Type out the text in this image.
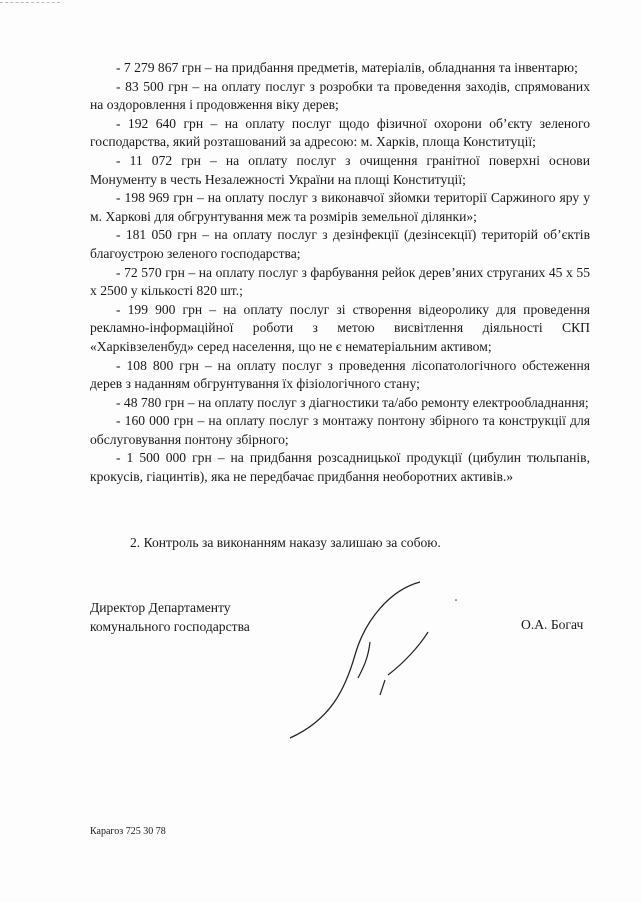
- 7 279 867 грн – на придбання предметів, матеріалів, обладнання та інвентарю;

- 83 500 грн – на оплату послуг з розробки та проведення заходів, спрямованих на оздоровлення і продовження віку дерев;

- 192 640 грн – на оплату послуг щодо фізичної охорони об’єкту зеленого господарства, який розташований за адресою: м. Харків, площа Конституції;

- 11 072 грн – на оплату послуг з очищення гранітної поверхні основи Монументу в честь Незалежності України на площі Конституції;

- 198 969 грн – на оплату послуг з виконавчої зйомки території Саржиного яру у м. Харкові для обгрунтування меж та розмірів земельної ділянки»;

- 181 050 грн – на оплату послуг з дезінфекції (дезінсекції) територій об’єктів благоустрою зеленого господарства;

- 72 570 грн – на оплату послуг з фарбування рейок дерев’яних струганих 45 х 55 х 2500 у кількості 820 шт.;

- 199 900 грн – на оплату послуг зі створення відеоролику для проведення рекламно-інформаційної роботи з метою висвітлення діяльності СКП «Харківзеленбуд» серед населення, що не є нематеріальним активом;

- 108 800 грн – на оплату послуг з проведення лісопатологічного обстеження дерев з наданням обгрунтування їх фізіологічного стану;

- 48 780 грн – на оплату послуг з діагностики та/або ремонту електрообладнання;

- 160 000 грн – на оплату послуг з монтажу понтону збірного та конструкції для обслуговування понтону збірного;

- 1 500 000 грн – на придбання розсадницької продукції (цибулин тюльпанів, крокусів, гіацинтів), яка не передбачає придбання необоротних активів.»

2. Контроль за виконанням наказу залишаю за собою.
Директор Департаменту
комунального господарства	О.А. Богач
Карагоз 725 30 78
